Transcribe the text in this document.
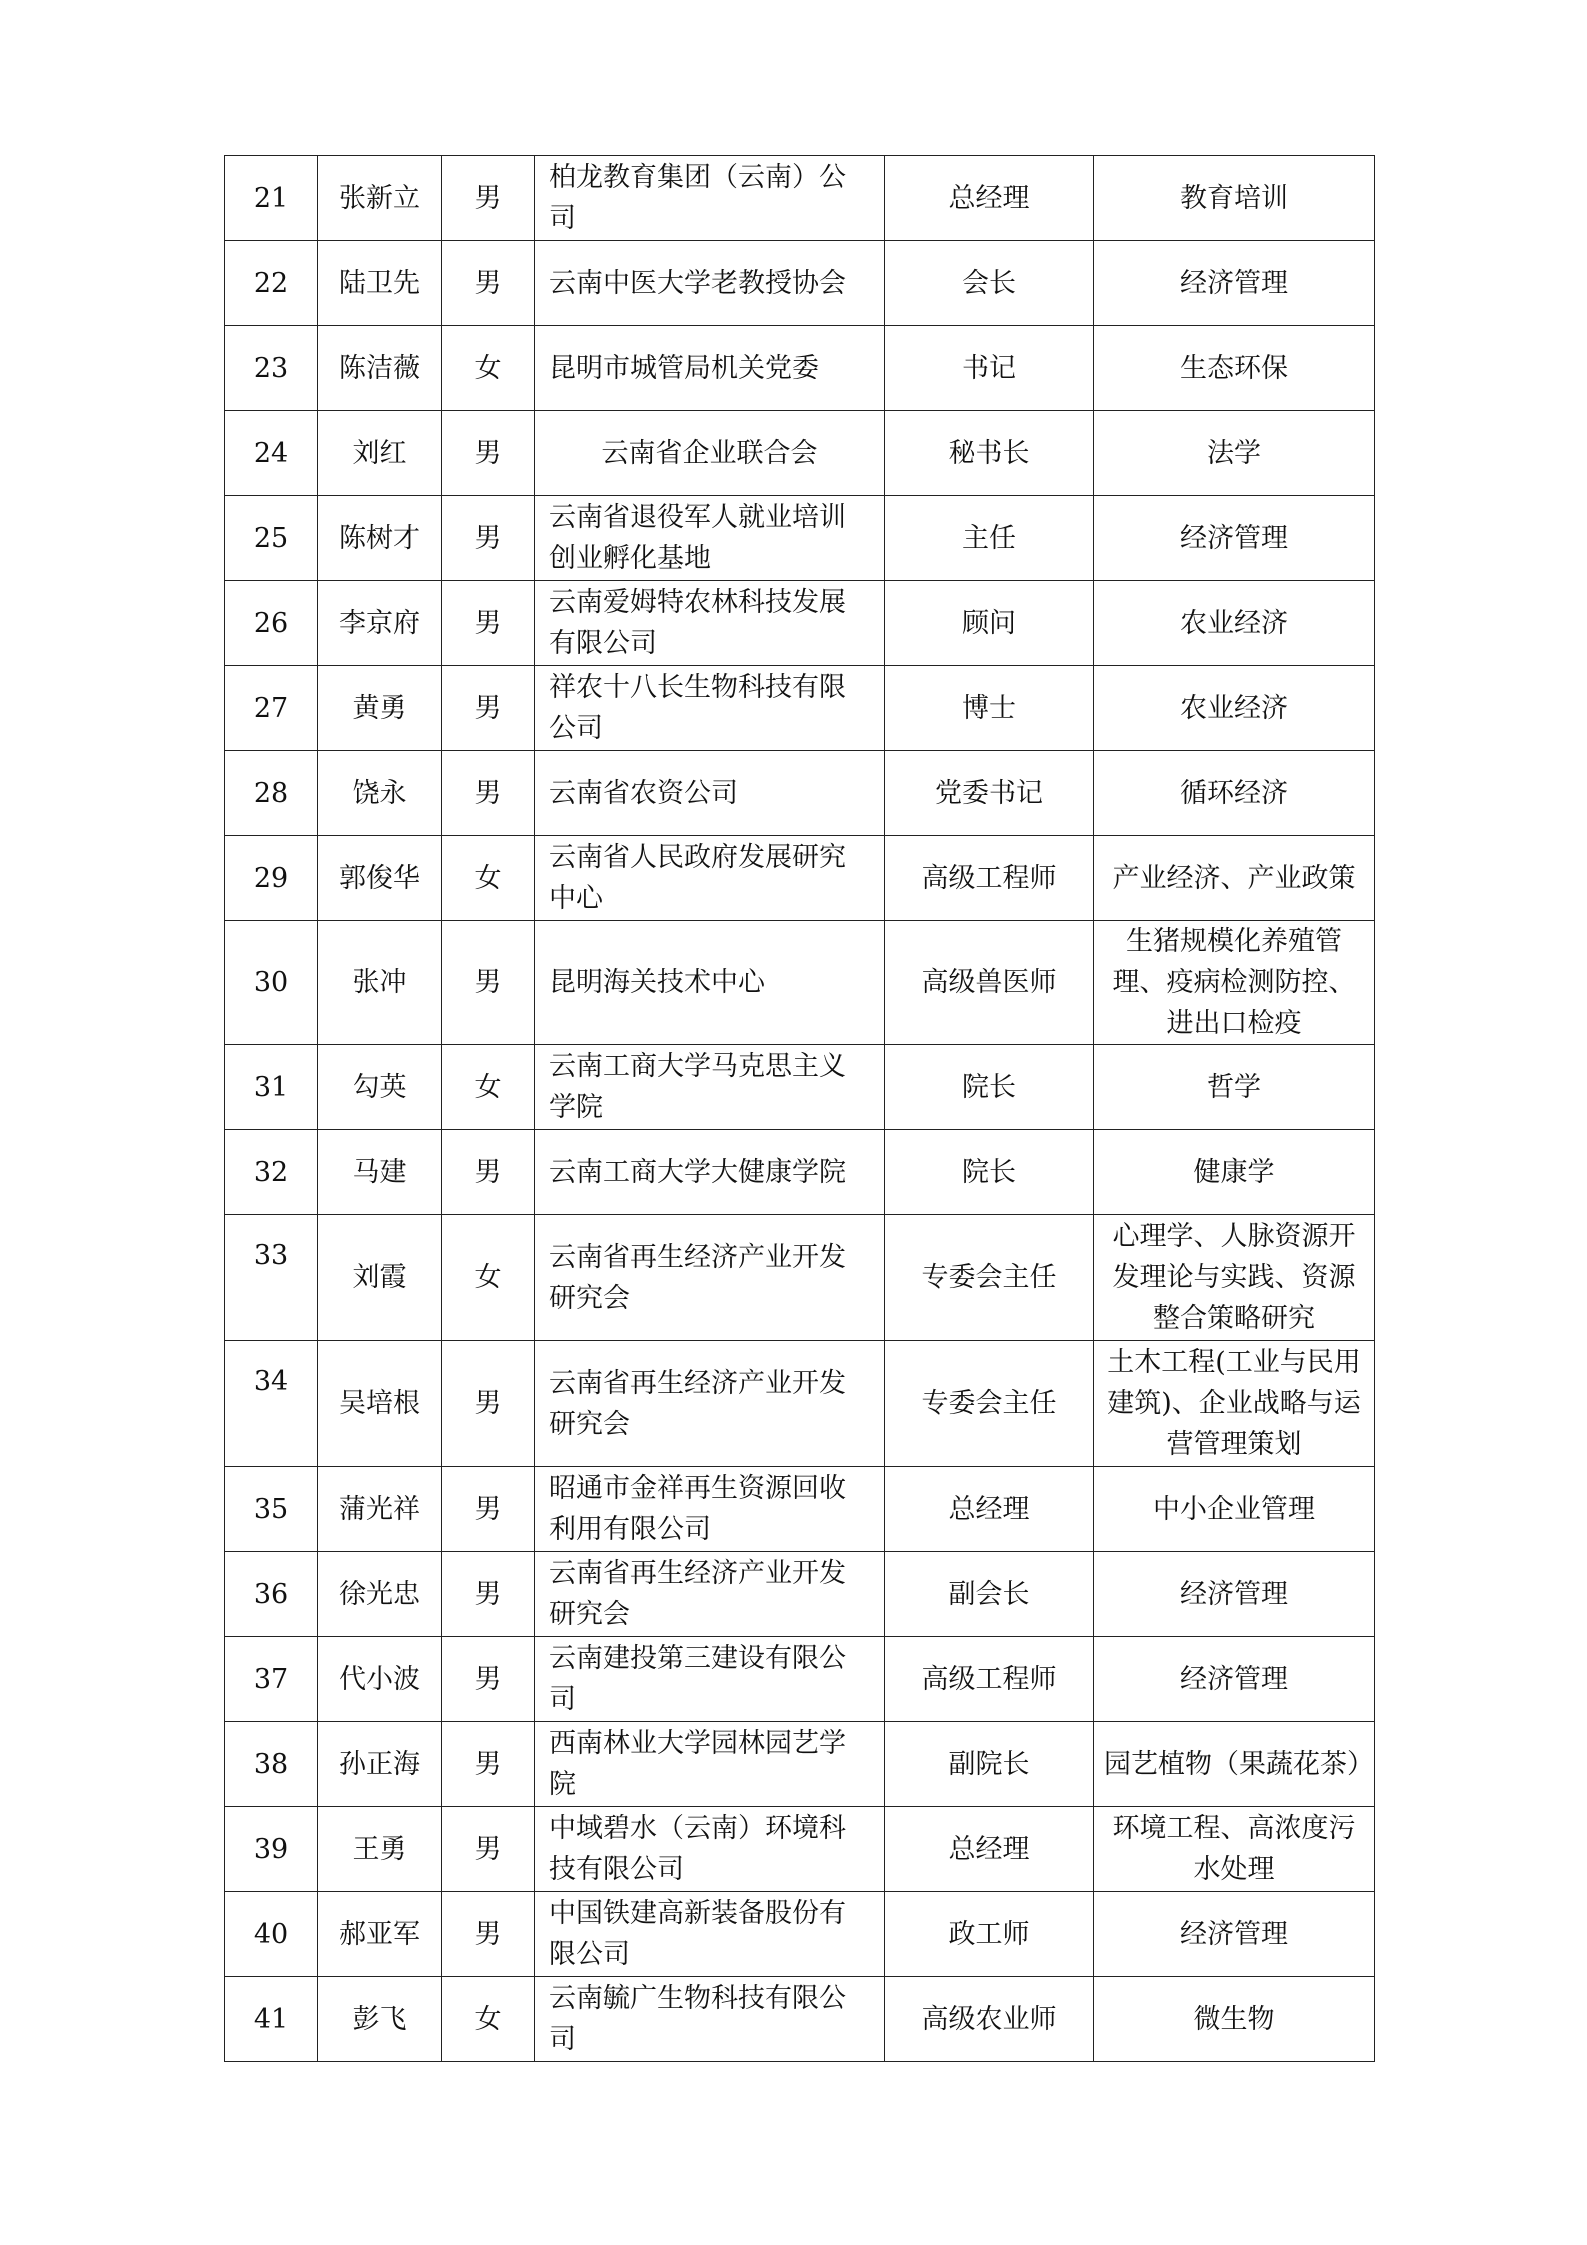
21	张新立	男	柏龙教育集团（云南）公司	总经理	教育培训
22	陆卫先	男	云南中医大学老教授协会	会长	经济管理
23	陈洁薇	女	昆明市城管局机关党委	书记	生态环保
24	刘红	男	云南省企业联合会	秘书长	法学
25	陈树才	男	云南省退役军人就业培训创业孵化基地	主任	经济管理
26	李京府	男	云南爱姆特农林科技发展有限公司	顾问	农业经济
27	黄勇	男	祥农十八长生物科技有限公司	博士	农业经济
28	饶永	男	云南省农资公司	党委书记	循环经济
29	郭俊华	女	云南省人民政府发展研究中心	高级工程师	产业经济、产业政策
30	张冲	男	昆明海关技术中心	高级兽医师	生猪规模化养殖管理、疫病检测防控、进出口检疫
31	勾英	女	云南工商大学马克思主义学院	院长	哲学
32	马建	男	云南工商大学大健康学院	院长	健康学
33	刘霞	女	云南省再生经济产业开发研究会	专委会主任	心理学、人脉资源开发理论与实践、资源整合策略研究
34	吴培根	男	云南省再生经济产业开发研究会	专委会主任	土木工程(工业与民用建筑)、企业战略与运营管理策划
35	蒲光祥	男	昭通市金祥再生资源回收利用有限公司	总经理	中小企业管理
36	徐光忠	男	云南省再生经济产业开发研究会	副会长	经济管理
37	代小波	男	云南建投第三建设有限公司	高级工程师	经济管理
38	孙正海	男	西南林业大学园林园艺学院	副院长	园艺植物（果蔬花茶）
39	王勇	男	中域碧水（云南）环境科技有限公司	总经理	环境工程、高浓度污水处理
40	郝亚军	男	中国铁建高新装备股份有限公司	政工师	经济管理
41	彭飞	女	云南毓广生物科技有限公司	高级农业师	微生物
